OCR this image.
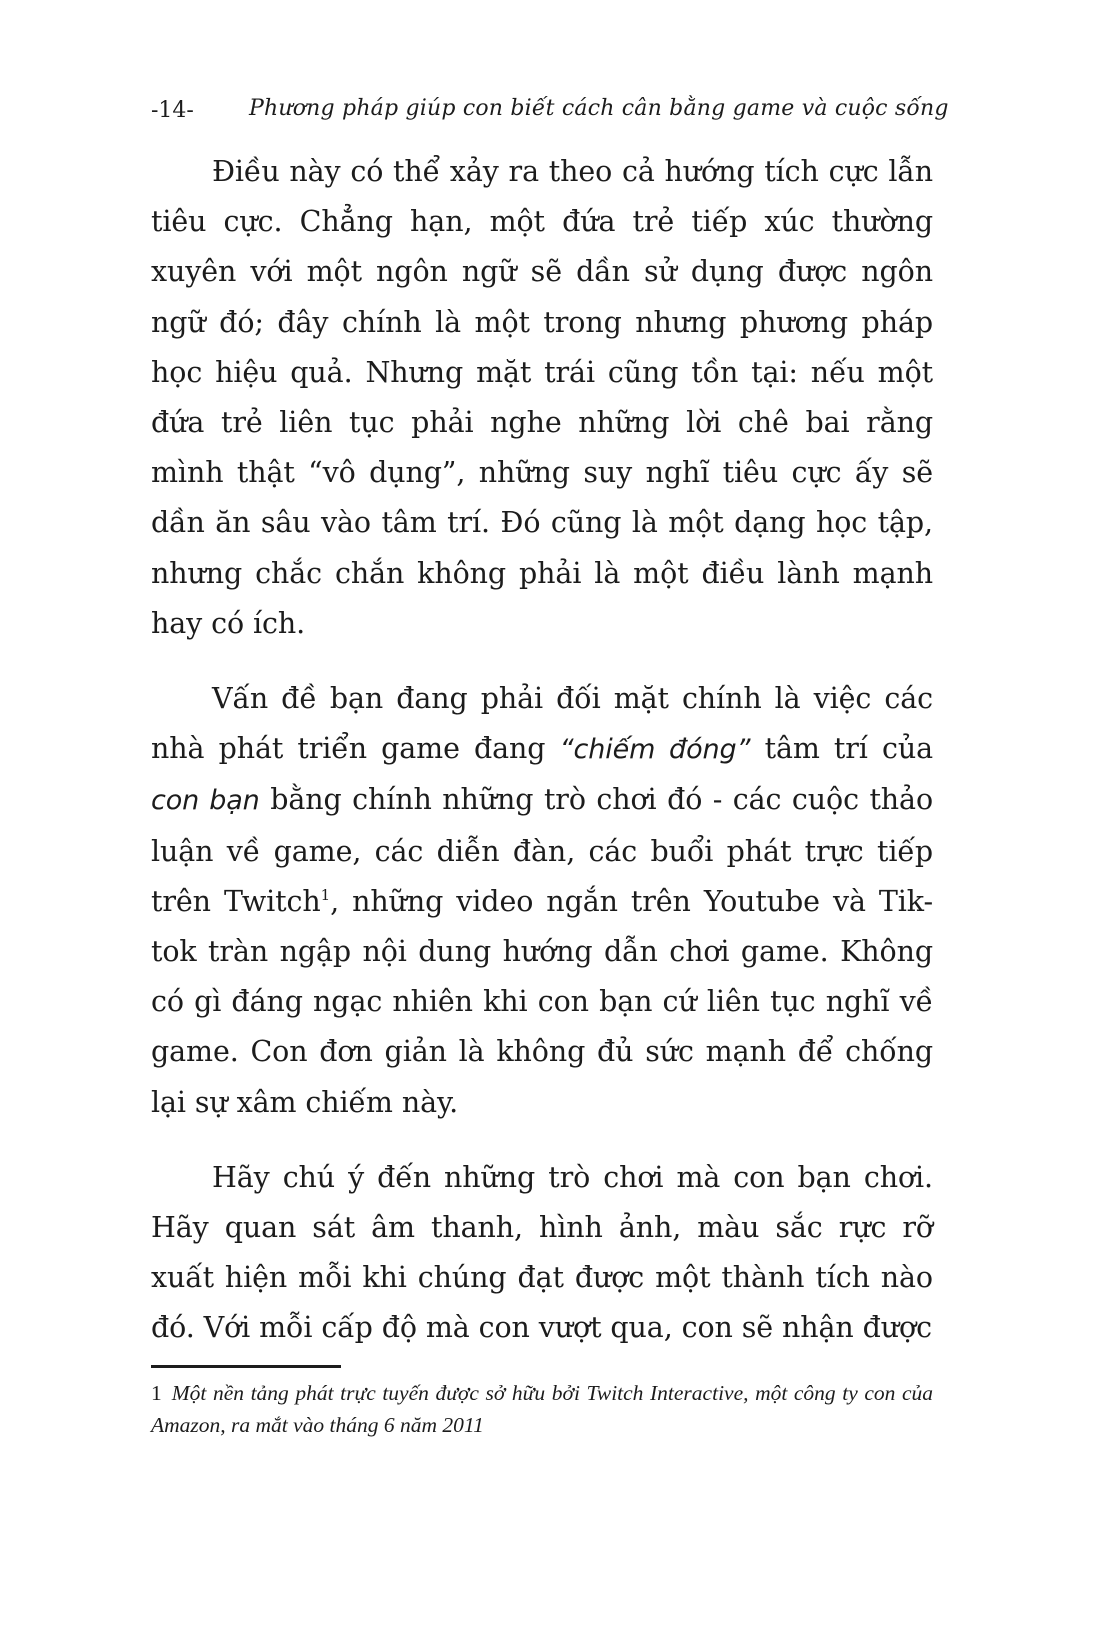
-14-	Phương pháp giúp con biết cách cân bằng game và cuộc sống

Điều này có thể xảy ra theo cả hướng tích cực lẫn tiêu cực. Chẳng hạn, một đứa trẻ tiếp xúc thường xuyên với một ngôn ngữ sẽ dần sử dụng được ngôn ngữ đó; đây chính là một trong nhưng phương pháp học hiệu quả. Nhưng mặt trái cũng tồn tại: nếu một đứa trẻ liên tục phải nghe những lời chê bai rằng mình thật “vô dụng”, những suy nghĩ tiêu cực ấy sẽ dần ăn sâu vào tâm trí. Đó cũng là một dạng học tập, nhưng chắc chắn không phải là một điều lành mạnh hay có ích.

Vấn đề bạn đang phải đối mặt chính là việc các nhà phát triển game đang “chiếm đóng” tâm trí của con bạn bằng chính những trò chơi đó - các cuộc thảo luận về game, các diễn đàn, các buổi phát trực tiếp trên Twitch$^1$, những video ngắn trên Youtube và Tik-tok tràn ngập nội dung hướng dẫn chơi game. Không có gì đáng ngạc nhiên khi con bạn cứ liên tục nghĩ về game. Con đơn giản là không đủ sức mạnh để chống lại sự xâm chiếm này.

Hãy chú ý đến những trò chơi mà con bạn chơi. Hãy quan sát âm thanh, hình ảnh, màu sắc rực rỡ xuất hiện mỗi khi chúng đạt được một thành tích nào đó. Với mỗi cấp độ mà con vượt qua, con sẽ nhận được

1 Một nền tảng phát trực tuyến được sở hữu bởi Twitch Interactive, một công ty con của Amazon, ra mắt vào tháng 6 năm 2011
